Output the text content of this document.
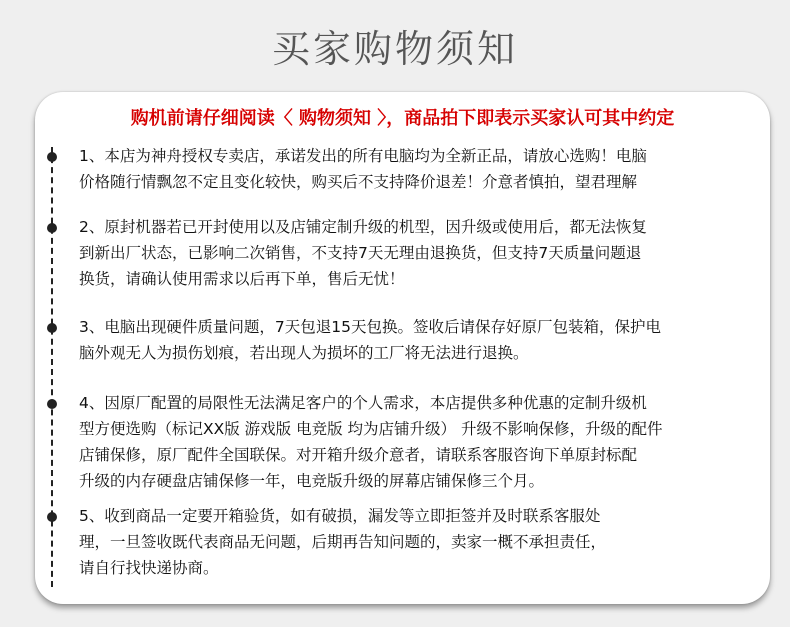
买家购物须知
购机前请仔细阅读〈 购物须知 〉，商品拍下即表示买家认可其中约定
1、本店为神舟授权专卖店，承诺发出的所有电脑均为全新正品，请放心选购！电脑
价格随行情飘忽不定且变化较快，购买后不支持降价退差！介意者慎拍，望君理解
2、原封机器若已开封使用以及店铺定制升级的机型，因升级或使用后，都无法恢复
到新出厂状态，已影响二次销售，不支持7天无理由退换货，但支持7天质量问题退
换货，请确认使用需求以后再下单，售后无忧！
3、电脑出现硬件质量问题，7天包退15天包换。签收后请保存好原厂包装箱，保护电
脑外观无人为损伤划痕，若出现人为损坏的工厂将无法进行退换。
4、因原厂配置的局限性无法满足客户的个人需求，本店提供多种优惠的定制升级机
型方便选购（标记XX版 游戏版 电竞版 均为店铺升级） 升级不影响保修，升级的配件
店铺保修，原厂配件全国联保。对开箱升级介意者，请联系客服咨询下单原封标配
升级的内存硬盘店铺保修一年，电竞版升级的屏幕店铺保修三个月。
5、收到商品一定要开箱验货，如有破损，漏发等立即拒签并及时联系客服处
理，一旦签收既代表商品无问题，后期再告知问题的，卖家一概不承担责任，
请自行找快递协商。
